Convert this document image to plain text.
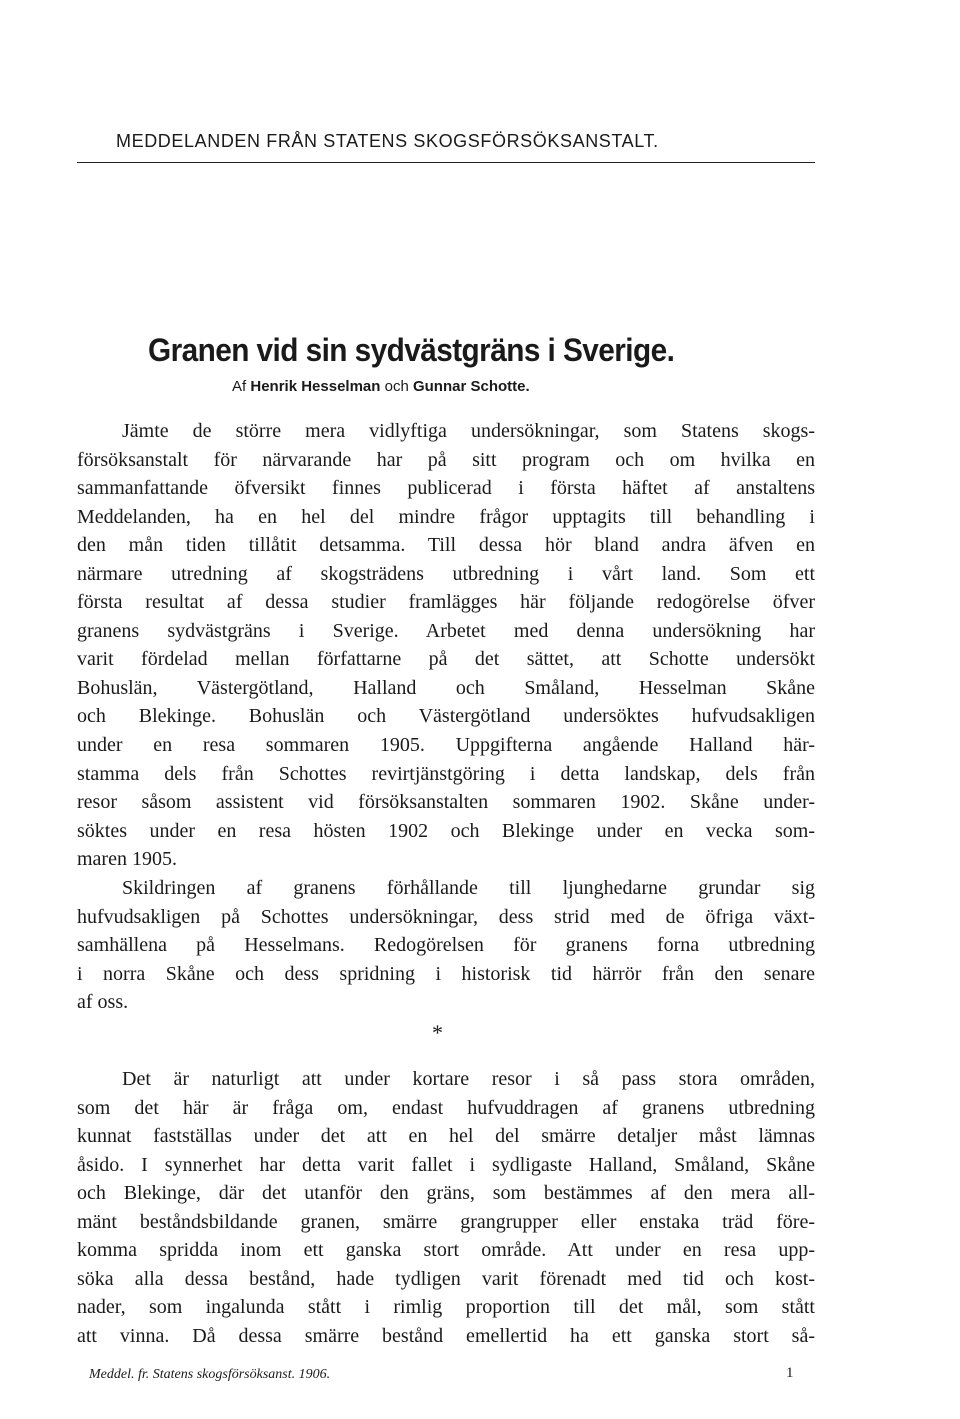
MEDDELANDEN FRÅN STATENS SKOGSFÖRSÖKSANSTALT.
Granen vid sin sydvästgräns i Sverige.
Af Henrik Hesselman och Gunnar Schotte.
Jämte de större mera vidlyftiga undersökningar, som Statens skogs-
försöksanstalt för närvarande har på sitt program och om hvilka en
sammanfattande öfversikt finnes publicerad i första häftet af anstaltens
Meddelanden, ha en hel del mindre frågor upptagits till behandling i
den mån tiden tillåtit detsamma. Till dessa hör bland andra äfven en
närmare utredning af skogsträdens utbredning i vårt land. Som ett
första resultat af dessa studier framlägges här följande redogörelse öfver
granens sydvästgräns i Sverige. Arbetet med denna undersökning har
varit fördelad mellan författarne på det sättet, att Schotte undersökt
Bohuslän, Västergötland, Halland och Småland, Hesselman Skåne
och Blekinge. Bohuslän och Västergötland undersöktes hufvudsakligen
under en resa sommaren 1905. Uppgifterna angående Halland här-
stamma dels från Schottes revirtjänstgöring i detta landskap, dels från
resor såsom assistent vid försöksanstalten sommaren 1902. Skåne under-
söktes under en resa hösten 1902 och Blekinge under en vecka som-
maren 1905.
Skildringen af granens förhållande till ljunghedarne grundar sig
hufvudsakligen på Schottes undersökningar, dess strid med de öfriga växt-
samhällena på Hesselmans. Redogörelsen för granens forna utbredning
i norra Skåne och dess spridning i historisk tid härrör från den senare
af oss.
*
Det är naturligt att under kortare resor i så pass stora områden,
som det här är fråga om, endast hufvuddragen af granens utbredning
kunnat fastställas under det att en hel del smärre detaljer måst lämnas
åsido. I synnerhet har detta varit fallet i sydligaste Halland, Småland, Skåne
och Blekinge, där det utanför den gräns, som bestämmes af den mera all-
mänt beståndsbildande granen, smärre grangrupper eller enstaka träd före-
komma spridda inom ett ganska stort område. Att under en resa upp-
söka alla dessa bestånd, hade tydligen varit förenadt med tid och kost-
nader, som ingalunda stått i rimlig proportion till det mål, som stått
att vinna. Då dessa smärre bestånd emellertid ha ett ganska stort så-
Meddel. fr. Statens skogsförsöksanst. 1906.	1
